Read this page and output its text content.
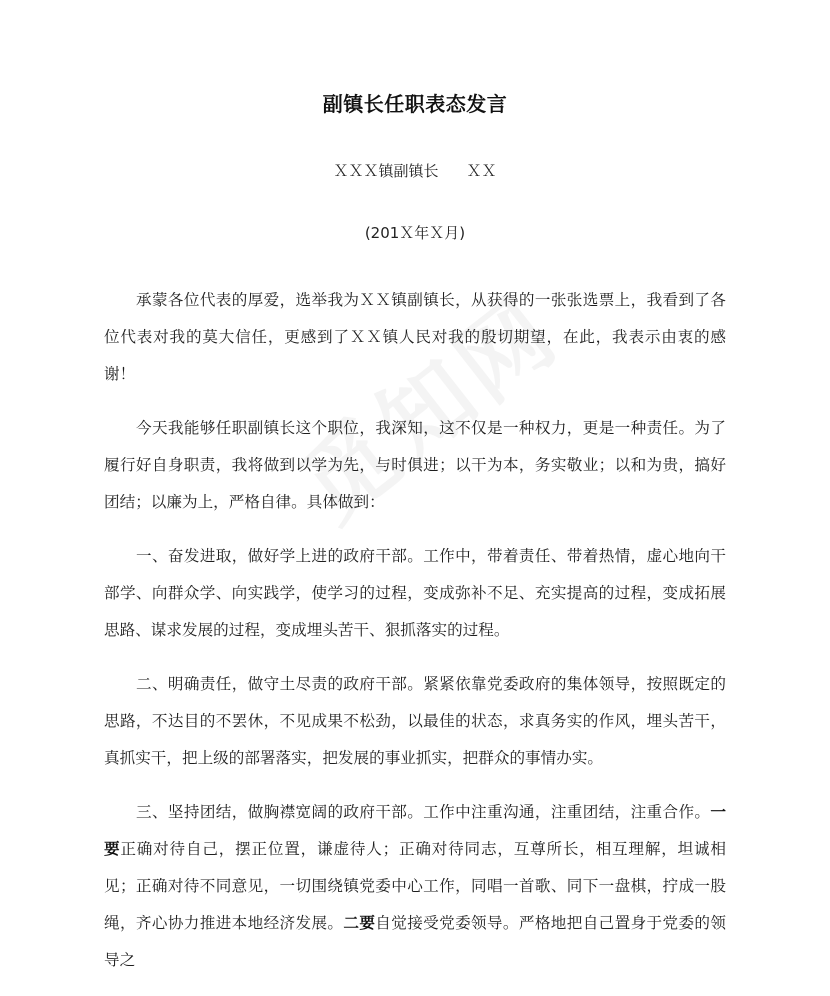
副镇长任职表态发言
ＸＸＸ镇副镇长 ＸＸ
(201Ｘ年Ｘ月)

承蒙各位代表的厚爱，选举我为ＸＸ镇副镇长，从获得的一张张选票上，我看到了各位代表对我的莫大信任，更感到了ＸＸ镇人民对我的殷切期望，在此，我表示由衷的感谢！

今天我能够任职副镇长这个职位，我深知，这不仅是一种权力，更是一种责任。为了履行好自身职责，我将做到以学为先，与时俱进；以干为本，务实敬业；以和为贵，搞好团结；以廉为上，严格自律。具体做到：

一、奋发进取，做好学上进的政府干部。工作中，带着责任、带着热情，虚心地向干部学、向群众学、向实践学，使学习的过程，变成弥补不足、充实提高的过程，变成拓展思路、谋求发展的过程，变成埋头苦干、狠抓落实的过程。

二、明确责任，做守土尽责的政府干部。紧紧依靠党委政府的集体领导，按照既定的思路，不达目的不罢休，不见成果不松劲，以最佳的状态，求真务实的作风，埋头苦干，真抓实干，把上级的部署落实，把发展的事业抓实，把群众的事情办实。

三、坚持团结，做胸襟宽阔的政府干部。工作中注重沟通，注重团结，注重合作。一要正确对待自己，摆正位置，谦虚待人；正确对待同志，互尊所长，相互理解，坦诚相见；正确对待不同意见，一切围绕镇党委中心工作，同唱一首歌、同下一盘棋，拧成一股绳，齐心协力推进本地经济发展。二要自觉接受党委领导。严格地把自己置身于党委的领导之
